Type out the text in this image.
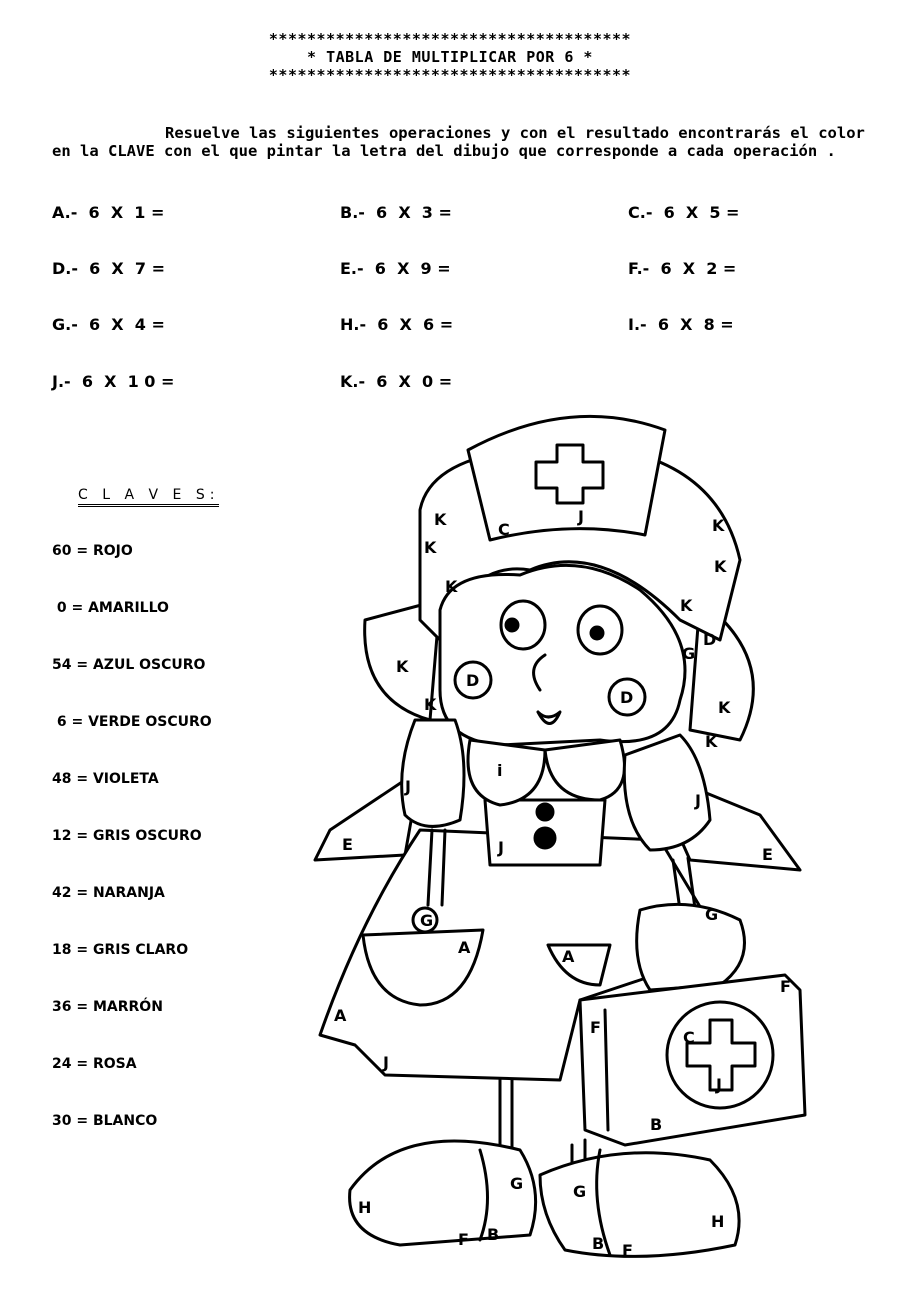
**************************************
* TABLA DE MULTIPLICAR POR 6 *
**************************************
Resuelve las siguientes operaciones y con el resultado encontrarás el color
en la CLAVE con el que pintar la letra del dibujo que corresponde a cada operación .
A.-  6  X  1 =	B.-  6  X  3 =	C.-  6  X  5 =
D.-  6  X  7 =	E.-  6  X  9 =	F.-  6  X  2 =
G.-  6  X  4 =	H.-  6  X  6 =	I.-  6  X  8 =
J.-  6  X  1 0 =	K.-  6  X  0 =
C L A V E S:
60 = ROJO
0 = AMARILLO
54 = AZUL OSCURO
6 = VERDE OSCURO
48 = VIOLETA
12 = GRIS OSCURO
42 = NARANJA
18 = GRIS CLARO
36 = MARRÓN
24 = ROSA
30 = BLANCO
C
J
K
K
K
K
K
K
K
K	K
K
D
D
D
G
i
J
J
J
E
E
G	G
A	A
A
J
F
F
C
J
B
G	G
H
H
F B	B F
